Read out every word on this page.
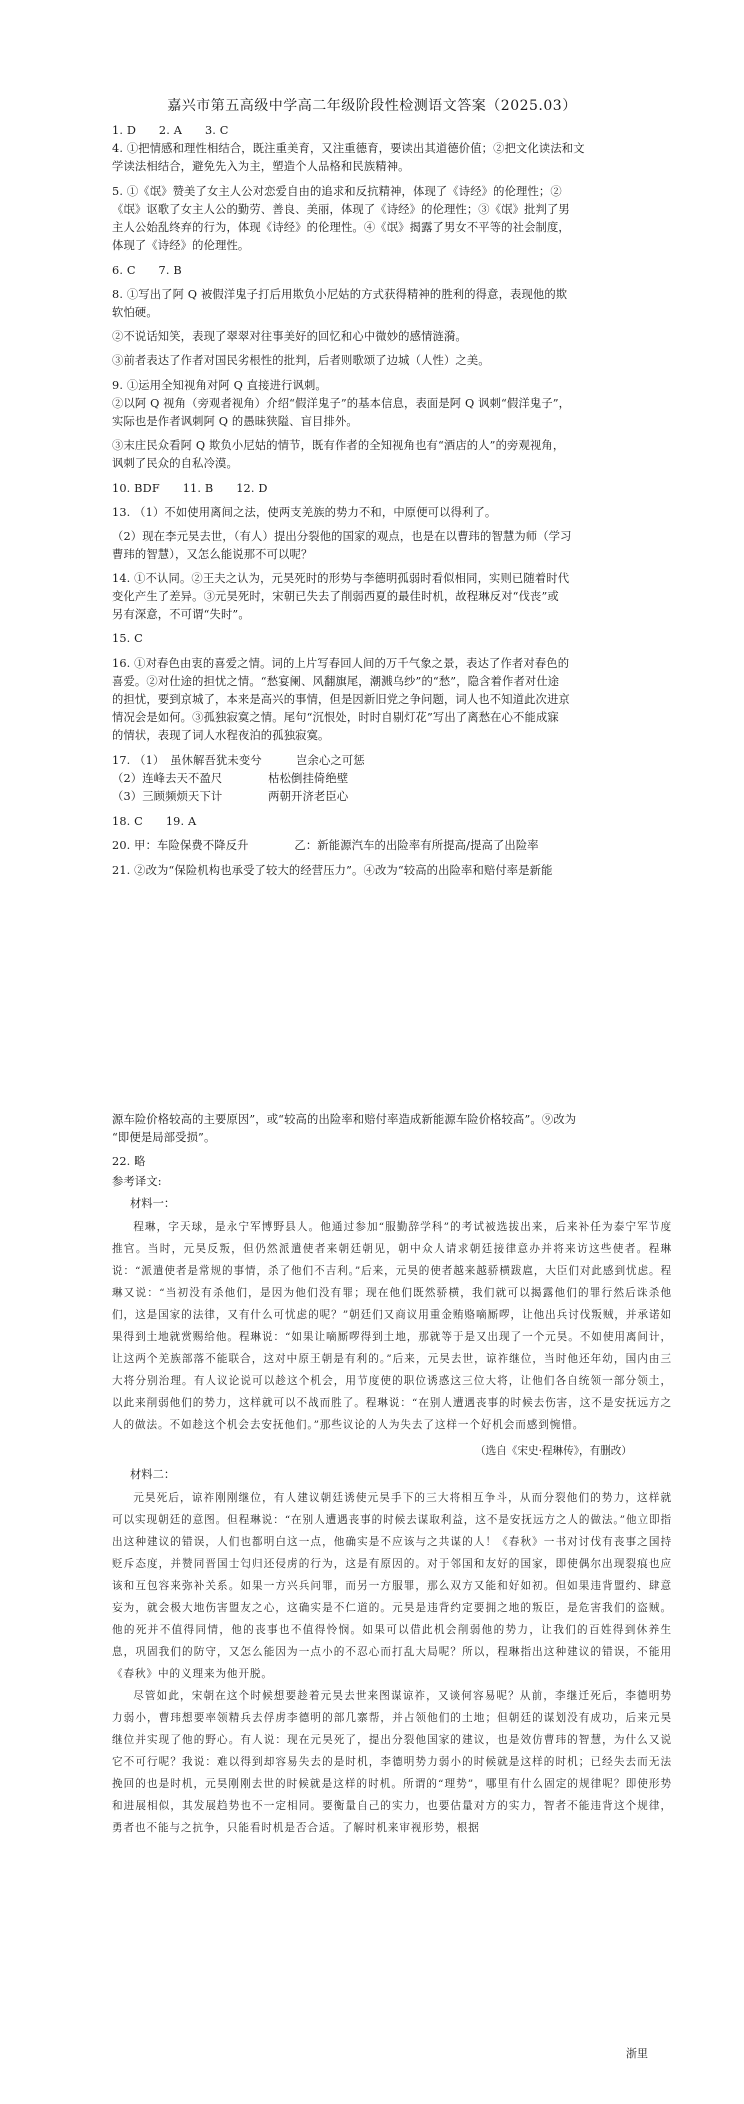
嘉兴市第五高级中学高二年级阶段性检测语文答案（2025.03）
1. D　　2. A　　3. C
4. ①把情感和理性相结合，既注重美育，又注重德育，要读出其道德价值；②把文化读法和文
学读法相结合，避免先入为主，塑造个人品格和民族精神。
5. ①《氓》赞美了女主人公对恋爱自由的追求和反抗精神，体现了《诗经》的伦理性；②
《氓》讴歌了女主人公的勤劳、善良、美丽，体现了《诗经》的伦理性；③《氓》批判了男
主人公始乱终弃的行为，体现《诗经》的伦理性。④《氓》揭露了男女不平等的社会制度，
体现了《诗经》的伦理性。
6. C　　7. B
8. ①写出了阿 Q 被假洋鬼子打后用欺负小尼姑的方式获得精神的胜利的得意，表现他的欺
软怕硬。
②不说话知笑，表现了翠翠对往事美好的回忆和心中微妙的感情涟漪。
③前者表达了作者对国民劣根性的批判，后者则歌颂了边城（人性）之美。
9. ①运用全知视角对阿 Q 直接进行讽刺。
②以阿 Q 视角（旁观者视角）介绍“假洋鬼子”的基本信息，表面是阿 Q 讽刺“假洋鬼子”，
实际也是作者讽刺阿 Q 的愚昧狭隘、盲目排外。
③末庄民众看阿 Q 欺负小尼姑的情节，既有作者的全知视角也有“酒店的人”的旁观视角，
讽刺了民众的自私冷漠。
10. BDF　　11. B　　12. D
13. （1）不如使用离间之法，使两支羌族的势力不和，中原便可以得利了。
（2）现在李元昊去世，（有人）提出分裂他的国家的观点，也是在以曹玮的智慧为师（学习
曹玮的智慧），又怎么能说那不可以呢？
14. ①不认同。②王夫之认为，元昊死时的形势与李德明孤弱时看似相同，实则已随着时代
变化产生了差异。③元昊死时，宋朝已失去了削弱西夏的最佳时机，故程琳反对“伐丧”或
另有深意，不可谓“失时”。
15. C
16. ①对春色由衷的喜爱之情。词的上片写春回人间的万千气象之景，表达了作者对春色的
喜爱。②对仕途的担忧之情。“愁宴阑、风翻旗尾，潮溅乌纱”的“愁”，隐含着作者对仕途
的担忧，要到京城了，本来是高兴的事情，但是因新旧党之争问题，词人也不知道此次进京
情况会是如何。③孤独寂寞之情。尾句“沉恨处，时时自剔灯花”写出了离愁在心不能成寐
的情状，表现了词人水程夜泊的孤独寂寞。
17. （1）　虽休解吾犹未变兮　　　岂余心之可惩
（2）连峰去天不盈尺　　　　枯松倒挂倚绝壁
（3）三顾频烦天下计　　　　两朝开济老臣心
18. C　　19. A
20. 甲：车险保费不降反升　　　　乙：新能源汽车的出险率有所提高/提高了出险率
21. ②改为“保险机构也承受了较大的经营压力”。④改为“较高的出险率和赔付率是新能
源车险价格较高的主要原因”，或“较高的出险率和赔付率造成新能源车险价格较高”。⑨改为
“即便是局部受损”。
22. 略
参考译文:
材料一：

程琳，字天球，是永宁军博野县人。他通过参加“服勤辞学科”的考试被选拔出来，后来补任为泰宁军节度推官。当时，元昊反叛，但仍然派遣使者来朝廷朝见，朝中众人请求朝廷接律意办并将来访这些使者。程琳说：“派遣使者是常规的事情，杀了他们不吉利。”后来，元昊的使者越来越骄横跋扈，大臣们对此感到忧虑。程琳又说：“当初没有杀他们，是因为他们没有罪；现在他们既然骄横，我们就可以揭露他们的罪行然后诛杀他们，这是国家的法律，又有什么可忧虑的呢？”朝廷们又商议用重金贿赂嘀厮啰，让他出兵讨伐叛贼，并承诺如果得到土地就赏赐给他。程琳说：“如果让嘀厮啰得到土地，那就等于是又出现了一个元昊。不如使用离间计，让这两个羌族部落不能联合，这对中原王朝是有利的。”后来，元昊去世，谅祚继位，当时他还年幼，国内由三大将分别治理。有人议论说可以趁这个机会，用节度使的职位诱惑这三位大将，让他们各自统领一部分领土，以此来削弱他们的势力，这样就可以不战而胜了。程琳说：“在别人遭遇丧事的时候去伤害，这不是安抚远方之人的做法。不如趁这个机会去安抚他们。”那些议论的人为失去了这样一个好机会而感到惋惜。

（选自《宋史·程琳传》，有删改）
材料二：

元昊死后，谅祚刚刚继位，有人建议朝廷诱使元昊手下的三大将相互争斗，从而分裂他们的势力，这样就可以实现朝廷的意图。但程琳说：“在别人遭遇丧事的时候去谋取利益，这不是安抚远方之人的做法。”他立即指出这种建议的错误，人们也都明白这一点，他确实是不应该与之共谋的人！《春秋》一书对讨伐有丧事之国持贬斥态度，并赞同晋国士匄归还侵虏的行为，这是有原因的。对于邻国和友好的国家，即使偶尔出现裂痕也应该和互包容来弥补关系。如果一方兴兵问罪，而另一方服罪，那么双方又能和好如初。但如果违背盟约、肆意妄为，就会极大地伤害盟友之心，这确实是不仁道的。元昊是违背约定要拥之地的叛臣，是危害我们的盗贼。他的死并不值得同情，他的丧事也不值得怜悯。如果可以借此机会削弱他的势力，让我们的百姓得到休养生息，巩固我们的防守，又怎么能因为一点小的不忍心而打乱大局呢？所以，程琳指出这种建议的错误，不能用《春秋》中的义理来为他开脱。

尽管如此，宋朝在这个时候想要趁着元昊去世来图谋谅祚，又谈何容易呢？从前，李继迁死后，李德明势力弱小，曹玮想要率领精兵去俘虏李德明的部几寨帮，并占领他们的土地；但朝廷的谋划没有成功，后来元昊继位并实现了他的野心。有人说：现在元昊死了，提出分裂他国家的建议，也是效仿曹玮的智慧，为什么又说它不可行呢？我说：难以得到却容易失去的是时机，李德明势力弱小的时候就是这样的时机；已经失去而无法挽回的也是时机，元昊刚刚去世的时候就是这样的时机。所谓的“理势”，哪里有什么固定的规律呢？即使形势和进展相似，其发展趋势也不一定相同。要衡量自己的实力，也要估量对方的实力，智者不能违背这个规律，勇者也不能与之抗争，只能看时机是否合适。了解时机来审视形势，根据

浙里
